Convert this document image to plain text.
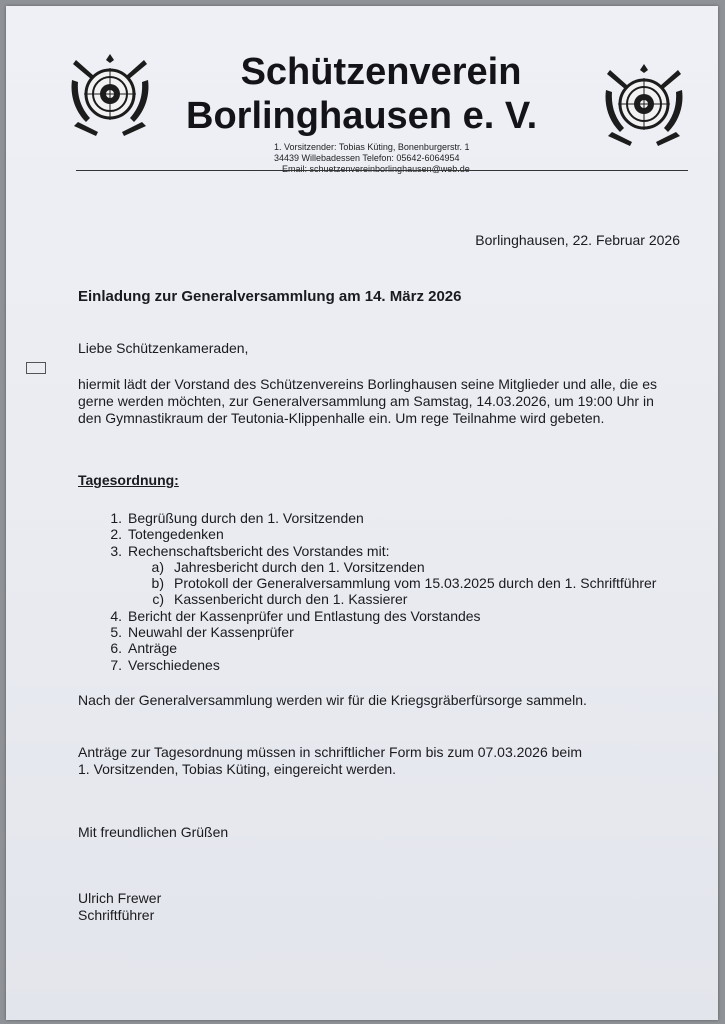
Schützenverein
Borlinghausen e. V.
1. Vorsitzender: Tobias Küting, Bonenburgerstr. 1
34439 Willebadessen Telefon: 05642-6064954
Email: schuetzenvereinborlinghausen@web.de
Borlinghausen, 22. Februar 2026
Einladung zur Generalversammlung am 14. März 2026
Liebe Schützenkameraden,
hiermit lädt der Vorstand des Schützenvereins Borlinghausen seine Mitglieder und alle, die es
gerne werden möchten, zur Generalversammlung am Samstag, 14.03.2026, um 19:00 Uhr in
den Gymnastikraum der Teutonia-Klippenhalle ein. Um rege Teilnahme wird gebeten.
Tagesordnung:
1. Begrüßung durch den 1. Vorsitzenden
2. Totengedenken
3. Rechenschaftsbericht des Vorstandes mit:
a) Jahresbericht durch den 1. Vorsitzenden
b) Protokoll der Generalversammlung vom 15.03.2025 durch den 1. Schriftführer
c) Kassenbericht durch den 1. Kassierer
4. Bericht der Kassenprüfer und Entlastung des Vorstandes
5. Neuwahl der Kassenprüfer
6. Anträge
7. Verschiedenes
Nach der Generalversammlung werden wir für die Kriegsgräberfürsorge sammeln.
Anträge zur Tagesordnung müssen in schriftlicher Form bis zum 07.03.2026 beim
1. Vorsitzenden, Tobias Küting, eingereicht werden.
Mit freundlichen Grüßen
Ulrich Frewer
Schriftführer
